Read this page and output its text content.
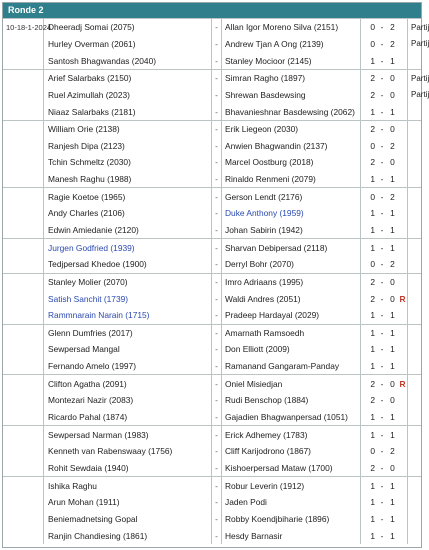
Ronde 2
10-18-1-2024	Dheeradj Somai (2075)	-	Allan Igor Moreno Silva (2151)	0	-	2		Partij
	Hurley Overman (2061)	-	Andrew Tjan A Ong (2139)	0	-	2		Partij
	Santosh Bhagwandas (2040)	-	Stanley Mocioor (2145)	1	-	1		
	Arief Salarbaks (2150)	-	Simran Ragho (1897)	2	-	0		Partij
	Ruel Azimullah (2023)	-	Shrewan Basdewsing	2	-	0		Partij
	Niaaz Salarbaks (2181)	-	Bhavanieshnar Basdewsing (2062)	1	-	1		
	William Orie (2138)	-	Erik Liegeon (2030)	2	-	0		
	Ranjesh Dipa (2123)	-	Anwien Bhagwandin (2137)	0	-	2		
	Tchin Schmeltz (2030)	-	Marcel Oostburg (2018)	2	-	0		
	Manesh Raghu (1988)	-	Rinaldo Renmeni (2079)	1	-	1		
	Ragie Koetoe (1965)	-	Gerson Lendt (2176)	0	-	2		
	Andy Charles (2106)	-	Duke Anthony (1959)	1	-	1		
	Edwin Amiedanie (2120)	-	Johan Sabirin (1942)	1	-	1		
	Jurgen Godfried (1939)	-	Sharvan Debipersad (2118)	1	-	1		
	Tedjpersad Khedoe (1900)	-	Derryl Bohr (2070)	0	-	2		
	Stanley Molier (2070)	-	Imro Adriaans (1995)	2	-	0		
	Satish Sanchit (1739)	-	Waldi Andres (2051)	2	-	0	R	
	Rammnarain Narain (1715)	-	Pradeep Hardayal (2029)	1	-	1		
	Glenn Dumfries (2017)	-	Amarnath Ramsoedh	1	-	1		
	Sewpersad Mangal	-	Don Elliott (2009)	1	-	1		
	Fernando Amelo (1997)	-	Ramanand Gangaram-Panday	1	-	1		
	Clifton Agatha (2091)	-	Oniel Misiedjan	2	-	0	R	
	Montezari Nazir (2083)	-	Rudi Benschop (1884)	2	-	0		
	Ricardo Pahal (1874)	-	Gajadien Bhagwanpersad (1051)	1	-	1		
	Sewpersad Narman (1983)	-	Erick Adhemey (1783)	1	-	1		
	Kenneth van Rabenswaay (1756)	-	Cliff Karijodrono (1867)	0	-	2		
	Rohit Sewdaia (1940)	-	Kishoerpersad Mataw (1700)	2	-	0		
	Ishika Raghu	-	Robur Leverin (1912)	1	-	1		
	Arun Mohan (1911)	-	Jaden Podi	1	-	1		
	Beniemadnetsing Gopal	-	Robby Koendjbiharie (1896)	1	-	1		
	Ranjin Chandiesing (1861)	-	Hesdy Barnasir	1	-	1		
